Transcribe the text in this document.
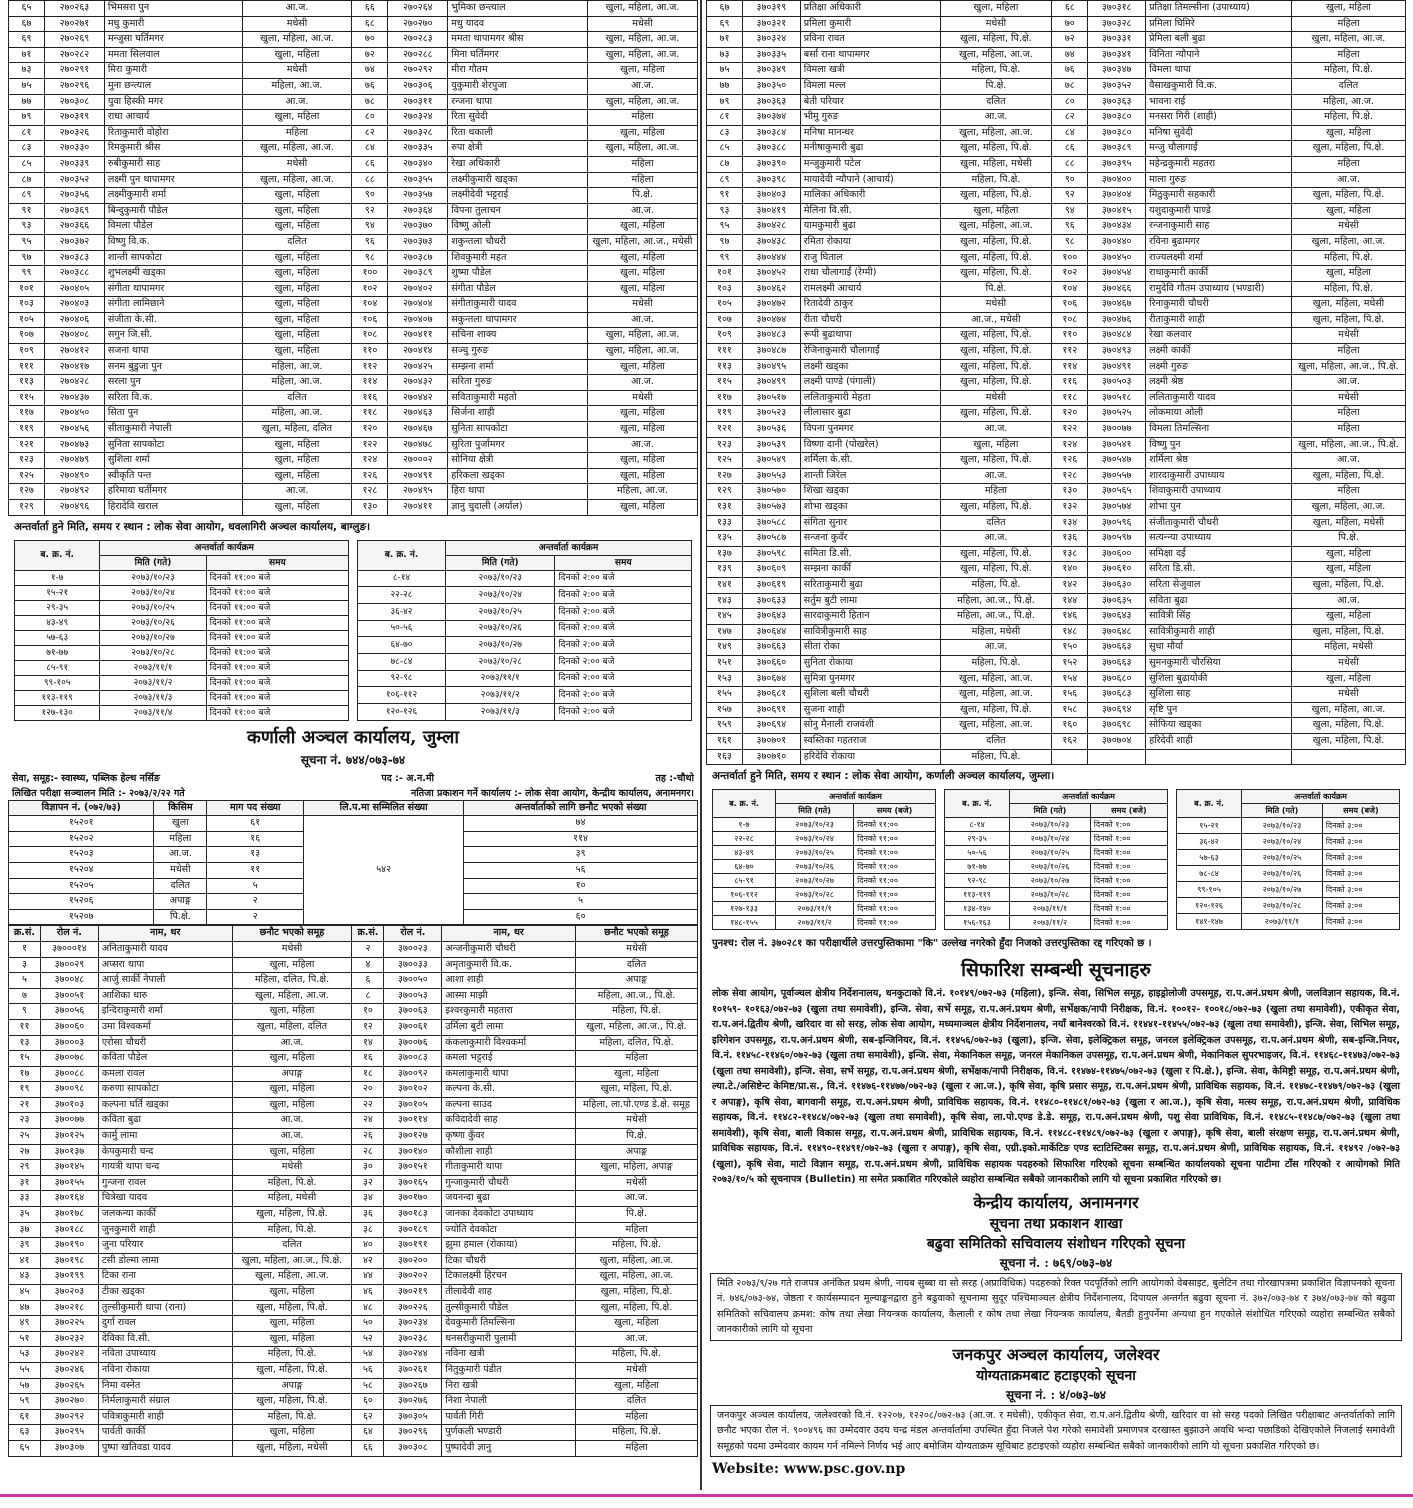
६५	२७०२६३	भिमसरा पुन	आ.ज.	६६	२७०२६४	भुमिका छन्त्याल	खुला, महिला, आ.ज.
६७	२७०२७१	मधु कुमारी	मधेसी	६८	२७०२७०	मधु यादव	मधेसी
६९	२७०२६९	मन्जुसा घर्तिमगर	खुला, महिला, आ.ज.	७०	२७०२८३	ममता थापामगर श्रीस	खुला, महिला, आ.ज.
७१	२७०२८२	ममता सिलवाल	खुला, महिला	७२	२७०२८८	मिना घर्तिमगर	खुला, महिला, आ.ज.
७३	२७०२९१	मिरा कुमारी	मधेसी	७४	२७०२९२	मीरा गौतम	खुला, महिला
७५	२७०२९६	मुना छन्त्याल	महिला, आ.ज.	७६	२७०३०६	युकुमारी शेरपुजा	आ.ज.
७७	२७०३०८	युवा हिस्की मगर	आ.ज.	७८	२७०३११	रन्जना थापा	खुला, महिला, आ.ज.
७९	२७०३१९	राधा आचार्य	खुला, महिला	८०	२७०३२४	रिता सुवेदी	महिला
८१	२७०३२६	रिताकुमारी वोहोरा	महिला	८२	२७०३२८	रिता धकाली	खुला, महिला
८३	२७०३३०	रिमकुमारी श्रीस	खुला, महिला, आ.ज.	८४	२७०३३५	रुपा क्षेत्री	खुला, महिला, आ.ज.
८५	२७०३३९	रुबीकुमारी साह	मधेसी	८६	२७०३४०	रेखा अधिकारी	महिला
८७	२७०३५२	लक्ष्मी पुन थापामगर	खुला, महिला, आ.ज.	८८	२७०३५५	लक्ष्मीकुमारी खड्का	महिला
८९	२७०३५६	लक्ष्मीकुमारी शर्मा	खुला, महिला	९०	२७०३५७	लक्ष्मीदेवी भट्टराई	पि.क्षे.
९१	२७०३६९	बिन्दुकुमारी पौडेल	खुला, महिला	९२	२७०३६४	विपना तुलाचन	आ.ज.
९३	२७०३६६	विमला पौडेल	खुला, महिला	९४	२७०३७०	विष्णु ओली	खुला, महिला
९५	२७०३७२	विष्णु वि.क.	दलित	९६	२७०३७३	शकुन्तला चौधरी	खुला, महिला, आ.ज., मधेसी
९७	२७०३८३	शान्ती सापकोटा	खुला, महिला	९८	२७०३८७	शिवकुमारी महत	खुला, महिला
९९	२७०३८८	शुभलक्ष्मी खड्का	खुला, महिला	१००	२७०३८९	शुष्मा पौडेल	खुला, महिला
१०१	२७०४०५	संगीता थापामगर	खुला, महिला	१०२	२७०४०२	संगीता पौडेल	खुला, महिला
१०३	२७०४०३	संगीता लामिछाने	खुला, महिला	१०४	२७०४०४	संगीताकुमारी यादव	मधेसी
१०५	२७०४०६	संजीता के.सी.	खुला, महिला	१०६	२७०४०७	सकुन्तला थापामगर	आ.ज.
१०७	२७०४०८	सगुन जि.सी.	खुला, महिला	१०८	२७०४११	सचिना शाक्य	खुला, महिला, आ.ज.
१०९	२७०४१२	सजना थापा	खुला, महिला	११०	२७०४१४	सञ्चु गुरुङ	खुला, महिला, आ.ज.
१११	२७०४१७	सनम बुडुजा पुन	महिला, आ.ज.	११२	२७०४२५	सम्झना शर्मा	खुला, महिला
११३	२७०४२८	सरला पुन	महिला, आ.ज.	११४	२७०४३२	सरिता गुरुङ	आ.ज.
११५	२७०४३७	सरिता वि.क.	दलित	११६	२७०४४२	सविताकुमारी महतो	मधेसी
११७	२७०४५०	सिता पुन	महिला, आ.ज.	११८	२७०४६३	सिर्जना शाही	खुला, महिला
११९	२७०४५६	सीताकुमारी नेपाली	खुला, महिला, दलित	१२०	२७०४६७	सुनिता सापकोटा	खुला, महिला
१२१	२७०४७३	सुनिता सापकोटा	खुला, महिला	१२२	२७०४७८	सुरिता पुर्जामगर	आ.ज.
१२३	२७०४७९	सुशिला शर्मा	खुला, महिला	१२४	२७०००२	सोनिया क्षेत्री	खुला, महिला
१२५	२७०४९०	स्वीकृति पन्त	खुला, महिला	१२६	२७०४९१	हरिकला खड्का	खुला, महिला
१२७	२७०४९२	हरिमाया घर्तीमगर	आ.ज.	१२८	२७०४९५	हिरा थापा	महिला, आ.ज.
१२९	२७०४९६	हिरादेवि खराल	खुला, महिला	१३०	२७०४११	ज्ञानु चुदाली (अर्याल)	खुला, महिला
अन्तर्वार्ता हुने मिति, समय र स्थान : लोक सेवा आयोग, धवलागिरी अञ्चल कार्यालय, बाग्लुङ।
ब. क्र. नं.	अन्तर्वार्ता कार्यक्रम	
	मिति (गते)	समय
१-७	२०७३/१०/२३	दिनको ११:०० बजे
१५-२१	२०७३/१०/२४	दिनको ११:०० बजे
२९-३५	२०७३/१०/२५	दिनको ११:०० बजे
४३-४९	२०७३/१०/२६	दिनको ११:०० बजे
५७-६३	२०७३/१०/२७	दिनको ११:०० बजे
७१-७७	२०७३/१०/२८	दिनको ११:०० बजे
८५-९१	२०७३/११/१	दिनको ११:०० बजे
९९-१०५	२०७३/११/२	दिनको ११:०० बजे
११३-११९	२०७३/११/३	दिनको ११:०० बजे
१२७-१३०	२०७३/११/४	दिनको ११:०० बजे
ब. क्र. नं.	अन्तर्वार्ता कार्यक्रम	
	मिति (गते)	समय
८-१४	२०७३/१०/२३	दिनको २:०० बजे
२२-२८	२०७३/१०/२४	दिनको २:०० बजे
३६-४२	२०७३/१०/२५	दिनको २:०० बजे
५०-५६	२०७३/१०/२६	दिनको २:०० बजे
६४-७०	२०७३/१०/२७	दिनको २:०० बजे
७८-८४	२०७३/१०/२८	दिनको २:०० बजे
९२-९८	२०७३/११/१	दिनको २:०० बजे
१०६-११२	२०७३/११/२	दिनको २:०० बजे
१२०-१२६	२०७३/११/३	दिनको २:०० बजे
कर्णाली अञ्चल कार्यालय, जुम्ला
सूचना नं. ७४४/०७३-७४
सेवा, समूह:- स्वास्थ्य, पब्लिक हेल्थ नर्सिङ	पद :- अ.न.मी	तह :-चौथो
लिखित परीक्षा सञ्चालन मिति :- २०७३/२/२२ गते	नतिजा प्रकाशन गर्ने कार्यालय :- लोक सेवा आयोग, केन्द्रीय कार्यालय, अनामनगर।
विज्ञापन नं. (०७२/७३)	किसिम	माग पद संख्या	लि.प.मा सम्मिलित संख्या	अन्तर्वार्ताको लागि छनौट भएको संख्या
१५२०१	खुला	६१	५४२	७४
१५२०२	महिला	१६		११४
१५२०३	आ.ज.	१३		३९
१५२०४	मधेसी	११		५६
१५२०५	दलित	५		१०
१५२०६	अपाङ्ग	२		५
१५२०७	पि.क्षे.	२		६०
क्र.सं.	रोल नं.	नाम, थर	छनौट भएको समूह	क्र.सं.	रोल नं.	नाम, थर	छनौट भएको समूह
१	३७०००१४	अनिताकुमारी यादव	मधेसी	२	३७००२३	अन्जनीकुमारी चौधरी	मधेसी
३	३७००२९	अप्सरा थापा	खुला, महिला	४	३७००३३	अमृताकुमारी वि.क.	दलित
५	३७००४८	आर्जु सार्की नेपाली	महिला, दलित, पि.क्षे.	६	३७००५०	आशा शाही	अपाङ्ग
७	३७००५१	आशिका धारु	खुला, महिला, आ.ज.	८	३७००५३	आस्मा माझी	महिला, आ.ज., पि.क्षे.
९	३७००५६	इन्दिराकुमारी शर्मा	खुला, महिला	१०	३७००६३	इश्वरकुमारी महतारा	महिला, पि.क्षे.
११	३७००६०	उमा विश्वकर्मा	खुला, महिला, दलित	१२	३७००६१	उर्मिला बुटी लामा	खुला, महिला, आ.ज., पि.क्षे.
१३	३७०००३	एरोसा चौधरी	आ.ज.	१४	३७००७६	कंकलाकुमारी विश्वकर्मा	महिला, दलित, पि.क्षे.
१५	३७००७८	कविता पौडेल	खुला, महिला	१६	३७००८३	कमला भट्टराई	महिला
१७	३७००८८	कमला रावल	अपाङ्ग	१८	३७००९२	कमलाकुमारी थापा	खुला, महिला
१९	३७००९८	करुणा सापकोटा	खुला, महिला	२०	३७०१०२	कल्पना के.सी.	खुला, महिला, पि.क्षे.
२१	३७०१०३	कल्पना घर्ति खड्का	खुला, महिला	२२	३७०१०५	कल्पना साउद	महिला, ला.पो.एण्ड डे.क्षे. समूह
२३	३७००७७	कविता बुढा	आ.ज.	२४	३७०११४	कविदादेवी साह	मधेसी
२५	३७०१२५	कार्मु लामा	आ.ज.	२६	३७०१२७	कृष्णा कुँवर	पि.क्षे.
२७	३७०१३७	केपकुमारी चन्द	खुला, महिला	२८	३७०१४०	कौशीला शाही	अपाङ्ग
२९	३७०१४५	गायत्री थापा चन्द	मधेसी	३०	३७०१५१	गीताकुमारी थापा	खुला, महिला, अपाङ्ग
३१	३७०१५५	गुन्जना रावल	महिला, पि.क्षे.	३२	३७०१६५	गुन्जाकुमारी चौधरी	मधेसी
३३	३७०१६४	चित्रेखा यादव	महिला, मधेसी	३४	३७०१७०	जयनन्दा बुढा	आ.ज.
३५	३७०१७८	जलकन्या कार्की	खुला, महिला, पि.क्षे.	३६	३७०१८३	जानका देवकोटा उपाध्याय	पि.क्षे.
३७	३७०१८८	जुनकुमारी शाही	महिला, पि.क्षे.	३८	३७०१८९	ज्योति देवकोटा	महिला
३९	३७०१९०	जुना परियार	दलित	४०	३७०१९१	झुमा हमाल (रोकाया)	महिला, पि.क्षे.
४१	३७०१९८	टसी डोल्मा लामा	खुला, महिला, आ.ज., पि.क्षे.	४२	३७०२००	टिका चौधरी	खुला, महिला, आ.ज.
४३	३७०१९९	टिका राना	खुला, महिला, आ.ज.	४४	३७०२०२	टिकालक्ष्मी हिरचन	खुला, महिला, आ.ज.
४५	३७०२०३	टीका खड्का	खुला, महिला	४६	३७०२१९	तीलादेवी शाह	खुला, महिला, पि.क्षे.
४७	३७०२१८	तुल्सीकुमारी थापा (राना)	खुला, महिला, पि.क्षे.	४८	३७०२२६	तुल्सीकुमारी पौडेल	खुला, महिला, पि.क्षे.
४९	३७०२२५	दुर्गा रावल	खुला, महिला	५०	३७०२३४	देवकुमारी तिमल्सिना	खुला, महिला
५१	३७०२३२	देविका वि.सी.	खुला, महिला	५२	३७०२३८	धनसरीकुमारी पुलामी	आ.ज.
५३	३७०२४२	नविता उपाध्याय	महिला, पि.क्षे.	५४	३७०२४४	नविना खत्री	महिला, पि.क्षे.
५५	३७०२४६	नविना रोकाया	खुला, महिला, पि.क्षे.	५६	३७०२६१	नितुकुमारी पंडीत	मधेसी
५७	३७०२६५	निमा वस्नेत	अपाङ्ग	५८	३७०२६७	निरा खत्री	खुला, महिला
५९	३७०२७०	निर्मलाकुमारी संग्राल	खुला, महिला, पि.क्षे.	६०	३७०२७६	निशा नेपाली	दलित
६१	३७०२९२	पवित्राकुमारी शाही	महिला, पि.क्षे.	६२	३७०३०५	पार्वती गिरी	महिला
६३	३७०२९५	पार्वती कार्की	खुला, महिला	६४	३७०२९६	पुर्णकली भण्डारी	महिला, पि.क्षे.
६५	३७०३०७	पुष्पा खतिवडा यादव	खुला, महिला, मधेसी	६६	३७०३०८	पुष्पादेवी ज्ञानु	महिला
६७	३७०३१९	प्रतिक्षा अधिकारी	खुला, महिला	६८	३७०३१८	प्रतिक्षा तिमल्सीना (उपाध्याय)	खुला, महिला
६९	३७०३२१	प्रमिला कुमारी	मधेसी	७०	३७०३२८	प्रमिला घिमिरे	महिला
७१	३७०३२४	प्रविना रावत	खुला, महिला, पि.क्षे.	७२	३७०३३१	प्रेमिला बली बुढा	खुला, महिला, आ.ज.
७३	३७०३३५	बर्सा राना थापामगर	खुला, महिला, आ.ज.	७४	३७०३४१	विनिता न्यौपाने	महिला
७५	३७०३४९	विमला खत्री	महिला, पि.क्षे.	७६	३७०३४७	विमला थापा	महिला, पि.क्षे.
७७	३७०३५०	विमला मल्ल	पि.क्षे.	७८	३७०३५२	वैसाखकुमारी वि.क.	दलित
७९	३७०३६३	बेती परियार	दलित	८०	३७०३६३	भावना राई	महिला, आ.ज.
८१	३७०३७४	भीमु गुरुङ	आ.ज.	८२	३७०३८०	मनसरा गिरी (शाही)	महिला, पि.क्षे.
८३	३७०३८४	मनिषा मानन्धर	खुला, महिला, आ.ज.	८४	३७०३८०	मनिषा सुवेदी	खुला, महिला
८५	३७०३८८	मनीषाकुमारी बुढा	खुला, महिला, पि.क्षे.	८६	३७०३८९	मन्जु चौलागाईं	खुला, महिला, पि.क्षे.
८७	३७०३९०	मन्जुकुमारी पटेल	खुला, महिला, मधेसी	८८	३७०३९५	महेन्द्रकुमारी महतरा	महिला
८९	३७०३९८	मायादेवी न्यौपाने (आचार्य)	महिला, पि.क्षे.	९०	३७०४००	माला गुरुङ	आ.ज.
९१	३७०४०३	मालिका अधिकारी	खुला, महिला, पि.क्षे.	९२	३७०४०४	मिठुकुमारी सहकारी	खुला, महिला, पि.क्षे.
९३	३७०४१९	मेलिना वि.सी.	खुला, महिला	९४	३७०४१५	यशुदाकुमारी पाण्डे	खुला, महिला
९५	३७०४२८	यामकुमारी बुढा	खुला, महिला, आ.ज.	९६	३७०४३४	रन्जनाकुमारी साह	मधेसी
९७	३७०४३८	रमिता रोकाया	खुला, महिला, पि.क्षे.	९८	३७०४४०	रविना बुढामगर	खुला, महिला, आ.ज.
९९	३७०४४४	राजु घिताल	खुला, महिला, पि.क्षे.	१००	३७०४५०	राज्यलक्ष्मी शर्मा	महिला, पि.क्षे.
१०१	३७०४५२	राधा चौलागाईं (रेग्मी)	खुला, महिला, पि.क्षे.	१०२	३७०४५४	राधाकुमारी कार्की	खुला, महिला
१०३	३७०४६२	रामलक्ष्मी आचार्य	पि.क्षे.	१०४	३७०४६६	रामुदेवि गौतम उपाध्याय (भण्डारी)	महिला, पि.क्षे.
१०५	३७०४७२	रितादेवी ठाकुर	मधेसी	१०६	३७०४६७	रिनाकुमारी चौधरी	खुला, महिला, मधेसी
१०७	३७०४७४	रीता चौधरी	आ.ज., मधेसी	१०८	३७०४७६	रीताकुमारी शाही	खुला, महिला, पि.क्षे.
१०९	३७०४८३	रूपी बुढाथापा	खुला, महिला, पि.क्षे.	११०	३७०४८४	रेखा कलवार	मधेसी
१११	३७०४८७	रेजिनाकुमारी चौलागाईं	खुला, महिला, पि.क्षे.	११२	३७०४९३	लक्ष्मी कार्की	महिला
११३	३७०४९५	लक्ष्मी खड्का	खुला, महिला, पि.क्षे.	११४	३७०४९१	लक्ष्मी गुरुङ	खुला, महिला, आ.ज., पि.क्षे.
११५	३७०४९९	लक्ष्मी पाण्डे (पंगाली)	खुला, महिला, पि.क्षे.	११६	३७०५०३	लक्ष्मी श्रेष्ठ	आ.ज.
११७	३७०५१७	ललिताकुमारी मेहता	मधेसी	११८	३७०५१८	ललिताकुमारी यादव	मधेसी
११९	३७०५२३	लीलासार बुढा	खुला, महिला, पि.क्षे.	१२०	३७०५२५	लोकमाया ओली	महिला
१२१	३७०५३६	विपना पुनमगर	आ.ज.	१२२	३७००७७	विमला तिमल्सिना	महिला
१२३	३७०५३९	विष्णा दानी (पोखरेल)	खुला, महिला	१२४	३७०५४१	विष्णु पुन	खुला, महिला, आ.ज., पि.क्षे.
१२५	३७०५४९	शर्मिला के.सी.	खुला, महिला, पि.क्षे.	१२६	३७०५४७	शर्मिला श्रेष्ठ	आ.ज.
१२७	३७०५५३	शान्ती जिरेल	आ.ज.	१२८	३७०५५७	शारदाकुमारी उपाध्याय	खुला, महिला, पि.क्षे.
१२९	३७०५७०	शिखा खड्का	महिला	१३०	३७०५६५	शिवाकुमारी उपाध्याय	महिला
१३१	३७०५७३	शोभा खड्का	खुला, महिला, पि.क्षे.	१३२	३७०५७४	शोभा पुन	खुला, महिला, आ.ज.
१३३	३७०५८८	संगिता सुनार	दलित	१३४	३७०५९६	संजीताकुमारी चौधरी	खुला, महिला, मधेसी
१३५	३७०५८७	सन्जना कुवँर	आ.ज.	१३६	३७०५९७	सत्यन्न्या उपाध्याय	पि.क्षे.
१३७	३७०५९८	समिता डि.सी.	खुला, महिला, पि.क्षे.	१३८	३७०६००	समिक्षा दर्ई	खुला, महिला
१३९	३७०६०९	सम्झना कार्की	खुला, महिला, पि.क्षे.	१४०	३७०६१०	सरिता डि.सी.	खुला, महिला
१४१	३७०६१९	सरिताकुमारी बुढा	महिला, पि.क्षे.	१४२	३७०६३०	सरिता सेजुवाल	खुला, महिला, पि.क्षे.
१४३	३७०६३३	सर्तुम बुटी लामा	महिला, आ.ज., पि.क्षे.	१४४	३७०६३५	सविता बुढा	आ.ज.
१४५	३७०६४३	सारदाकुमारी हितान	महिला, आ.ज., पि.क्षे.	१४६	३७०६४३	सावित्री सिंह	खुला, महिला
१४७	३७०६४४	सावित्रीकुमारी साह	महिला, मधेसी	१४८	३७०६४८	सावित्रीकुमारी शाही	खुला, महिला, पि.क्षे.
१४९	३७०६६३	सीता रोका	आ.ज.	१५०	३७०६६३	सुधा मौर्या	महिला, मधेसी
१५१	३७०६६०	सुनिता रोकाया	महिला, पि.क्षे.	१५२	३७०६६३	सुमनकुमारी चौरसिया	मधेसी
१५३	३७०६७४	सुमित्रा पुनमगर	खुला, महिला, आ.ज.	१५४	३७०६८०	सुशिला बुढायोकी	खुला, महिला
१५५	३७०६८१	सुशिला बली चौधरी	खुला, महिला, आ.ज.	१५६	३७०६८३	सुशिला साह	मधेसी
१५७	३७०६९१	सुजना शाही	खुला, महिला, पि.क्षे.	१५८	३७०६९४	सृष्टि पुन	खुला, महिला, आ.ज.
१५९	३७०६९४	सोनु मैनाली राजवंशी	खुला, महिला, आ.ज.	१६०	३७०६९८	सोफिया खड्का	खुला, महिला, पि.क्षे.
१६१	३७०७०१	स्वस्तिका गहतराज	दलित	१६२	३७०७०४	हरिदेवी शाही	खुला, महिला, पि.क्षे.
१६३	३७०७१०	हरिदेवि रोकाया	महिला, पि.क्षे.				
अन्तर्वार्ता हुने मिति, समय र स्थान : लोक सेवा आयोग, कर्णाली अञ्चल कार्यालय, जुम्ला।
ब. क्र. नं.	अन्तर्वार्ता कार्यक्रम	
	मिति (गते)	समय (बजे)
१-७	२०७३/१०/२३	दिनको ११:००
२२-२८	२०७३/१०/२४	दिनको ११:००
४३-४९	२०७३/१०/२५	दिनको ११:००
६४-७०	२०७३/१०/२६	दिनको ११:००
८५-९१	२०७३/१०/२७	दिनको ११:००
१०६-११२	२०७३/१०/२८	दिनको ११:००
१२७-१३३	२०७३/११/१	दिनको ११:००
१४८-१५५	२०७३/११/२	दिनको ११:००
ब. क्र. नं.	अन्तर्वार्ता कार्यक्रम	
	मिति (गते)	समय (बजे)
८-१४	२०७३/१०/२३	दिनको १:००
२९-३५	२०७३/१०/२४	दिनको १:००
५०-५६	२०७३/१०/२५	दिनको १:००
७१-७७	२०७३/१०/२६	दिनको १:००
९२-९८	२०७३/१०/२७	दिनको १:००
११३-११९	२०७३/१०/२८	दिनको १:००
१३४-१४०	२०७३/११/१	दिनको १:००
१५६-१६३	२०७३/११/२	दिनको १:००
ब. क्र. नं.	अन्तर्वार्ता कार्यक्रम	
	मिति (गते)	समय (बजे)
१५-२१	२०७३/१०/२३	दिनको ३:००
३६-४२	२०७३/१०/२४	दिनको ३:००
५७-६३	२०७३/१०/२५	दिनको ३:००
७८-८४	२०७३/१०/२६	दिनको ३:००
९९-१०५	२०७३/१०/२७	दिनको ३:००
१२०-१२६	२०७३/१०/२८	दिनको ३:००
१४१-१४७	२०७३/११/१	दिनको ३:००
पुनश्च: रोल नं. ३७०२८१ का परीक्षार्थीले उत्तरपुस्तिकामा "कि" उल्लेख नगरेको हुँदा निजको उत्तरपुस्तिका रद्द गरिएको छ ।
सिफारिश सम्बन्धी सूचनाहरु
लोक सेवा आयोग, पूर्वाञ्चल क्षेत्रीय निर्देशनालय, धनकुटाको वि.नं. १०१४९/०७२-७३ (महिला), इन्जि. सेवा, सिभिल समूह, हाइड्रोलोजी उपसमूह, रा.प.अनं.प्रथम श्रेणी, जलविज्ञान सहायक, वि.नं. १०१५९- १०१६३/०७२-७३ (खुला तथा समावेशी), इन्जि. सेवा, सर्भे समूह, रा.प.अनं.प्रथम श्रेणी, सर्भेक्षक/नापी निरीक्षक, वि.नं. १००१२- १००१८/०७२-७३ (खुला तथा समावेशी), एकीकृत सेवा, रा.प.अनं.द्वितीय श्रेणी, खरिदार वा सो सरह, लोक सेवा आयोग, मध्यमाञ्चल क्षेत्रीय निर्देशनालय, नयाँ बानेश्वरको वि.नं. ११४४१-११४५५/०७२-७३ (खुला तथा समावेशी), इन्जि. सेवा, सिभिल समूह, इरिगेशन उपसमूह, रा.प.अनं.प्रथम श्रेणी, सब-इन्जिनियर, वि.नं. ११४५६/०७२-७३ (खुला), इन्जि. सेवा, इलेक्ट्रिकल समूह, जनरल इलेक्ट्रिकल उपसमूह, रा.प.अनं.प्रथम श्रेणी, सब-इन्जि.नियर, वि.नं. ११४५८-११४६०/०७२-७३ (खुला तथा समावेशी), इन्जि. सेवा, मेकानिकल समूह, जनरल मेकानिकल उपसमूह, रा.प.अनं.प्रथम श्रेणी, मेकानिकल सुपरभाइजर, वि.नं. ११४६८-११४७३/०७२-७३ (खुला तथा समावेशी), इन्जि. सेवा, सर्भे समूह, रा.प.अनं.प्रथम श्रेणी, सर्भेक्षक/नापी निरीक्षक, वि.नं. ११४७४-११४७५/०७२-७३ (खुला र पि.क्षे.), इन्जि. सेवा, केमिष्ट्री समूह, रा.प.अनं.प्रथम श्रेणी, ल्या.टे./असिष्टेन्ट केमिष्ट/प्रा.स., वि.नं. ११४७६-११४७७/०७२-७३ (खुला र आ.ज.), कृषि सेवा, कृषि प्रसार समूह, रा.प.अनं.प्रथम श्रेणी, प्राविधिक सहायक, वि.नं. ११४७८-११४७९/०७२-७३ (खुला र अपाङ्ग), कृषि सेवा, बागवानी समूह, रा.प.अनं.प्रथम श्रेणी, प्राविधिक सहायक, वि.नं. ११४८०-११४८१/०७२-७३ (खुला र आ.ज.), कृषि सेवा, मत्स्य समूह, रा.प.अनं.प्रथम श्रेणी, प्राविधिक सहायक, वि.नं. ११४८२-११४८४/०७२-७३ (खुला तथा समावेशी), कृषि सेवा, ला.पो.एण्ड डे.डे. समूह, रा.प.अनं.प्रथम श्रेणी, पशु सेवा प्राविधिक, वि.नं. ११४८५-११४८७/०७२-७३ (खुला तथा समावेशी), कृषि सेवा, बाली विकास समूह, रा.प.अनं.प्रथम श्रेणी, प्राविधिक सहायक, वि.नं. ११४८८-११४८९/०७२-७३ (खुला र अपाङ्ग), कृषि सेवा, बाली संरक्षण समूह, रा.प.अनं.प्रथम श्रेणी, प्राविधिक सहायक, वि.नं. ११४९०-११४९१/०७२-७३ (खुला र अपाङ्ग), कृषि सेवा, एग्री.इको.मार्केटिङ एण्ड स्टाटिस्टिक्स समूह, रा.प.अनं.प्रथम श्रेणी, प्राविधिक सहायक, वि.नं. ११४९२ /०७२-७३ (खुला), कृषि सेवा, माटो विज्ञान समूह, रा.प.अनं.प्रथम श्रेणी, प्राविधिक सहायक पदहरुको सिफारिश गरिएको सूचना सम्बन्धित कार्यालयको सूचना पाटीमा टाँस गरिएको र आयोगको मिति २०७३/१०/५ को सूचनापत्र (Bulletin) मा समेत प्रकाशित गरिएकोले व्यहोरा सम्बन्धित सबैको जानकारीको लागि यो सूचना प्रकाशित गरिएको छ।
केन्द्रीय कार्यालय, अनामनगर
सूचना तथा प्रकाशन शाखा
बढुवा समितिको सचिवालय संशोधन गरिएको सूचना
सूचना नं. : ७६९/०७३-७४
मिति २०७३/९/२७ गते राजपत्र अनंकित प्रथम श्रेणी, नायब सुब्बा वा सो सरह (अप्राविधिक) पदहरुको रिक्त पदपूर्तिको लागि आयोगको वेबसाइट, बुलेटिन तथा गोरखापत्रमा प्रकाशित विज्ञापनको सूचना नं. ७४६/०७३-७४, जेष्ठता र कार्यसम्पादन मूल्याङ्कनद्वारा हुने बढुवाको सूचनामा सुदूर पश्चिमाञ्चल क्षेत्रीय निर्देशनालय, दिपायल अन्तर्गत बढुवा सूचना नं. ३७२/०७३-७४ र ३७४/०७३-७४ को बढुवा समितिको सचिवालय क्रमश: कोष तथा लेखा नियन्त्रक कार्यालय, कैलाली र कोष तथा लेखा नियन्त्रक कार्यालय, बैतडी हुनुपर्नेमा अन्यथा हुन गएकोले संशोधित गरिएको व्यहोरा सम्बन्धित सबैको जानकारीको लागि यो सूचना
जनकपुर अञ्चल कार्यालय, जलेश्वर
योग्यताक्रमबाट हटाइएको सूचना
सूचना नं. : ४/०७३-७४
जनकपुर अञ्चल कार्यालय, जलेश्वरको वि.नं. १२२०७, १२२०८/०७२-७३ (आ.ज. र मधेसी), एकीकृत सेवा, रा.प.अनं.द्वितीय श्रेणी, खरिदार वा सो सरह पदको लिखित परीक्षाबाट अन्तर्वार्ताको लागि छनौट भएका रोल नं. ९००४९६ का उम्मेदवार उदय चन्द्र मंडल अन्तर्वार्तामा उपस्थित हुँदा निजले पेश गरेको समावेशी प्रमाणपत्र दरखास्त बुझाउने अवधि भन्दा पछाडिको देखिएकोले निजलाई समावेशी समूहको पदमा उम्मेदवार कायम गर्न नमिल्ने निर्णय भई आए बमोजिम योग्यताक्रम सूचिबाट हटाइएको व्यहोरा सम्बन्धित सबैको जानकारीको लागि यो सूचना प्रकाशित गरिएको छ।
Website: www.psc.gov.np
